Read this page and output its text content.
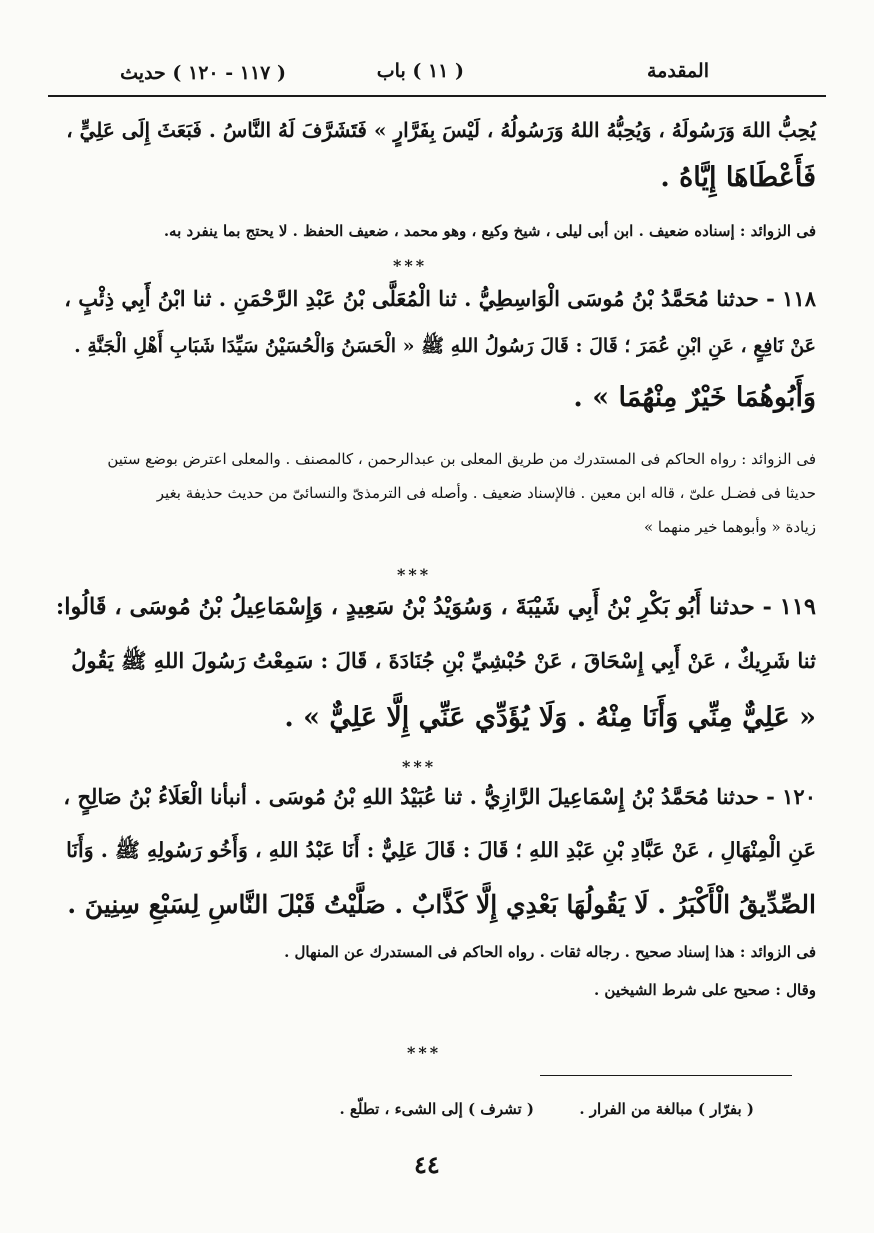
المقدمة
( ١١ ) باب
( ١١٧ - ١٢٠ ) حديث
يُحِبُّ اللهَ وَرَسُولَهُ ، وَيُحِبُّهُ اللهُ وَرَسُولُهُ ، لَيْسَ بِفَرَّارٍ » فَتَشَرَّفَ لَهُ النَّاسُ . فَبَعَثَ إِلَى عَلِيٍّ ،
فَأَعْطَاهَا إِيَّاهُ .
فى الزوائد : إسناده ضعيف . ابن أبى ليلى ، شيخ وكيع ، وهو محمد ، ضعيف الحفظ . لا يحتج بما ينفرد به.
***
١١٨ - حدثنا مُحَمَّدُ بْنُ مُوسَى الْوَاسِطِيُّ . ثنا الْمُعَلَّى بْنُ عَبْدِ الرَّحْمَنِ . ثنا ابْنُ أَبِي ذِئْبٍ ،
عَنْ نَافِعٍ ، عَنِ ابْنِ عُمَرَ ؛ قَالَ : قَالَ رَسُولُ اللهِ ﷺ « الْحَسَنُ وَالْحُسَيْنُ سَيِّدَا شَبَابِ أَهْلِ الْجَنَّةِ .
وَأَبُوهُمَا خَيْرٌ مِنْهُمَا » .
فى الزوائد : رواه الحاكم فى المستدرك من طريق المعلى بن عبدالرحمن ، كالمصنف . والمعلى اعترض بوضع ستين
حديثا فى فضـل علىّ ، قاله ابن معين . فالإسناد ضعيف . وأصله فى الترمذىّ والنسائىّ من حديث حذيفة بغير
زيادة « وأبوهما خير منهما »
***
١١٩ - حدثنا أَبُو بَكْرِ بْنُ أَبِي شَيْبَةَ ، وَسُوَيْدُ بْنُ سَعِيدٍ ، وَإِسْمَاعِيلُ بْنُ مُوسَى ، قَالُوا:
ثنا شَرِيكٌ ، عَنْ أَبِي إِسْحَاقَ ، عَنْ حُبْشِيِّ بْنِ جُنَادَةَ ، قَالَ : سَمِعْتُ رَسُولَ اللهِ ﷺ يَقُولُ
« عَلِيٌّ مِنِّي وَأَنَا مِنْهُ . وَلَا يُؤَدِّي عَنِّي إِلَّا عَلِيٌّ » .
***
١٢٠ - حدثنا مُحَمَّدُ بْنُ إِسْمَاعِيلَ الرَّازِيُّ . ثنا عُبَيْدُ اللهِ بْنُ مُوسَى . أنبأنا الْعَلَاءُ بْنُ صَالِحٍ ،
عَنِ الْمِنْهَالِ ، عَنْ عَبَّادِ بْنِ عَبْدِ اللهِ ؛ قَالَ : قَالَ عَلِيٌّ : أَنَا عَبْدُ اللهِ ، وَأَخُو رَسُولِهِ ﷺ . وَأَنَا
الصِّدِّيقُ الْأَكْبَرُ . لَا يَقُولُهَا بَعْدِي إِلَّا كَذَّابٌ . صَلَّيْتُ قَبْلَ النَّاسِ لِسَبْعِ سِنِينَ .
فى الزوائد : هذا إسناد صحيح . رجاله ثقات . رواه الحاكم فى المستدرك عن المنهال .
وقال : صحيح على شرط الشيخين .
***
( بفرّار ) مبالغة من الفرار .
( تشرف ) إلى الشىء ، تطلّع .
٤٤
